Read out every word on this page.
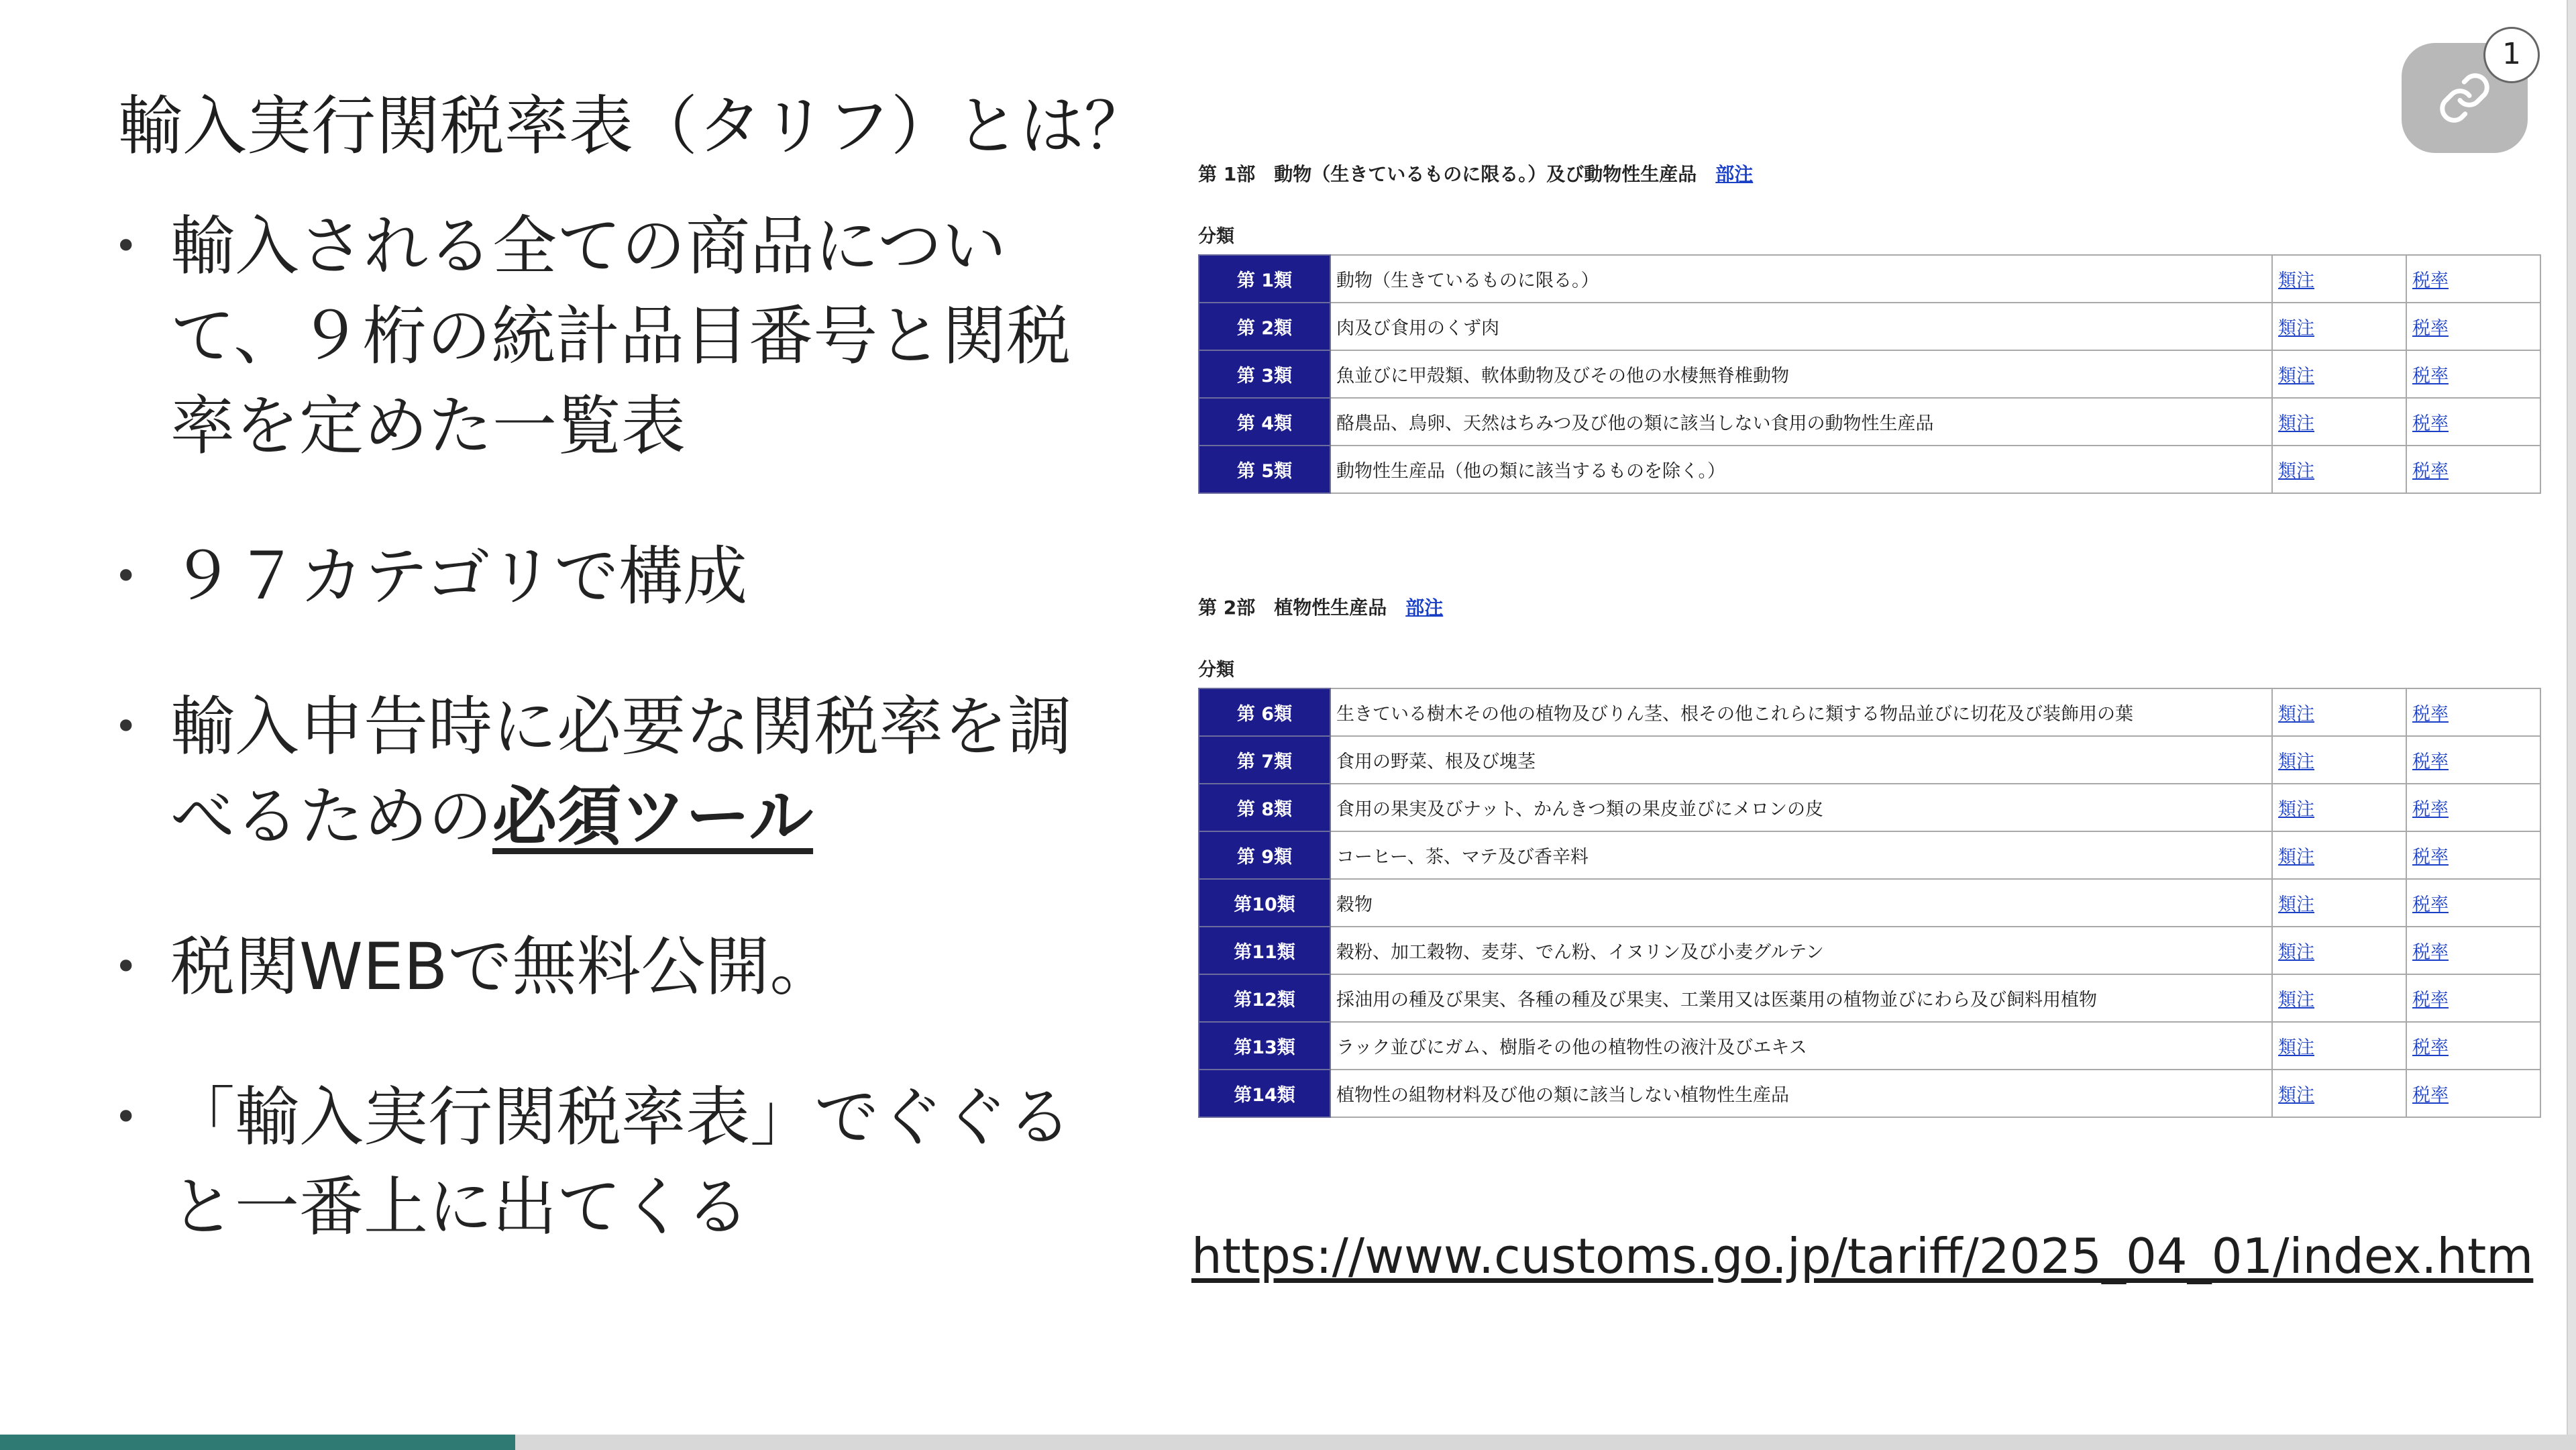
輸入実行関税率表（タリフ）とは？
• 輸入される全ての商品について、９桁の統計品目番号と関税率を定めた一覧表
• ９７カテゴリで構成
• 輸入申告時に必要な関税率を調べるための必須ツール
• 税関WEBで無料公開。
• 「輸入実行関税率表」でぐぐると一番上に出てくる
第 1部　動物（生きているものに限る。）及び動物性生産品 部注
分類
第 1類	動物（生きているものに限る。）	類注	税率
第 2類	肉及び食用のくず肉	類注	税率
第 3類	魚並びに甲殻類、軟体動物及びその他の水棲無脊椎動物	類注	税率
第 4類	酪農品、鳥卵、天然はちみつ及び他の類に該当しない食用の動物性生産品	類注	税率
第 5類	動物性生産品（他の類に該当するものを除く。）	類注	税率
第 2部　植物性生産品 部注
分類
第 6類	生きている樹木その他の植物及びりん茎、根その他これらに類する物品並びに切花及び装飾用の葉	類注	税率
第 7類	食用の野菜、根及び塊茎	類注	税率
第 8類	食用の果実及びナット、かんきつ類の果皮並びにメロンの皮	類注	税率
第 9類	コーヒー、茶、マテ及び香辛料	類注	税率
第10類	穀物	類注	税率
第11類	穀粉、加工穀物、麦芽、でん粉、イヌリン及び小麦グルテン	類注	税率
第12類	採油用の種及び果実、各種の種及び果実、工業用又は医薬用の植物並びにわら及び飼料用植物	類注	税率
第13類	ラック並びにガム、樹脂その他の植物性の液汁及びエキス	類注	税率
第14類	植物性の組物材料及び他の類に該当しない植物性生産品	類注	税率
https://www.customs.go.jp/tariff/2025_04_01/index.htm
1
